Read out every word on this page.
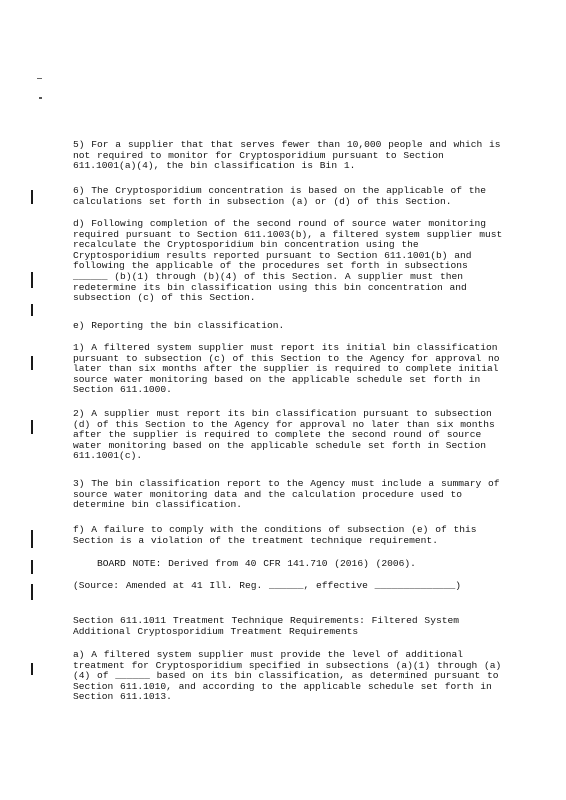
5) For a supplier that that serves fewer than 10,000 people and which is not required to monitor for Cryptosporidium pursuant to Section 611.1001(a)(4), the bin classification is Bin 1.

6) The Cryptosporidium concentration is based on the applicable of the calculations set forth in subsection (a) or (d) of this Section.

d) Following completion of the second round of source water monitoring required pursuant to Section 611.1003(b), a filtered system supplier must recalculate the Cryptosporidium bin concentration using the Cryptosporidium results reported pursuant to Section 611.1001(b) and following the applicable of the procedures set forth in subsections ______ (b)(1) through (b)(4) of this Section. A supplier must then redetermine its bin classification using this bin concentration and subsection (c) of this Section.

e) Reporting the bin classification.

1) A filtered system supplier must report its initial bin classification pursuant to subsection (c) of this Section to the Agency for approval no later than six months after the supplier is required to complete initial source water monitoring based on the applicable schedule set forth in Section 611.1000.

2) A supplier must report its bin classification pursuant to subsection (d) of this Section to the Agency for approval no later than six months after the supplier is required to complete the second round of source water monitoring based on the applicable schedule set forth in Section 611.1001(c).

3) The bin classification report to the Agency must include a summary of source water monitoring data and the calculation procedure used to determine bin classification.

f) A failure to comply with the conditions of subsection (e) of this Section is a violation of the treatment technique requirement.

BOARD NOTE: Derived from 40 CFR 141.710 (2016) (2006).

(Source: Amended at 41 Ill. Reg. ______, effective ______________)

Section 611.1011 Treatment Technique Requirements: Filtered System Additional Cryptosporidium Treatment Requirements

a) A filtered system supplier must provide the level of additional treatment for Cryptosporidium specified in subsections (a)(1) through (a)(4) of ______ based on its bin classification, as determined pursuant to Section 611.1010, and according to the applicable schedule set forth in Section 611.1013.
